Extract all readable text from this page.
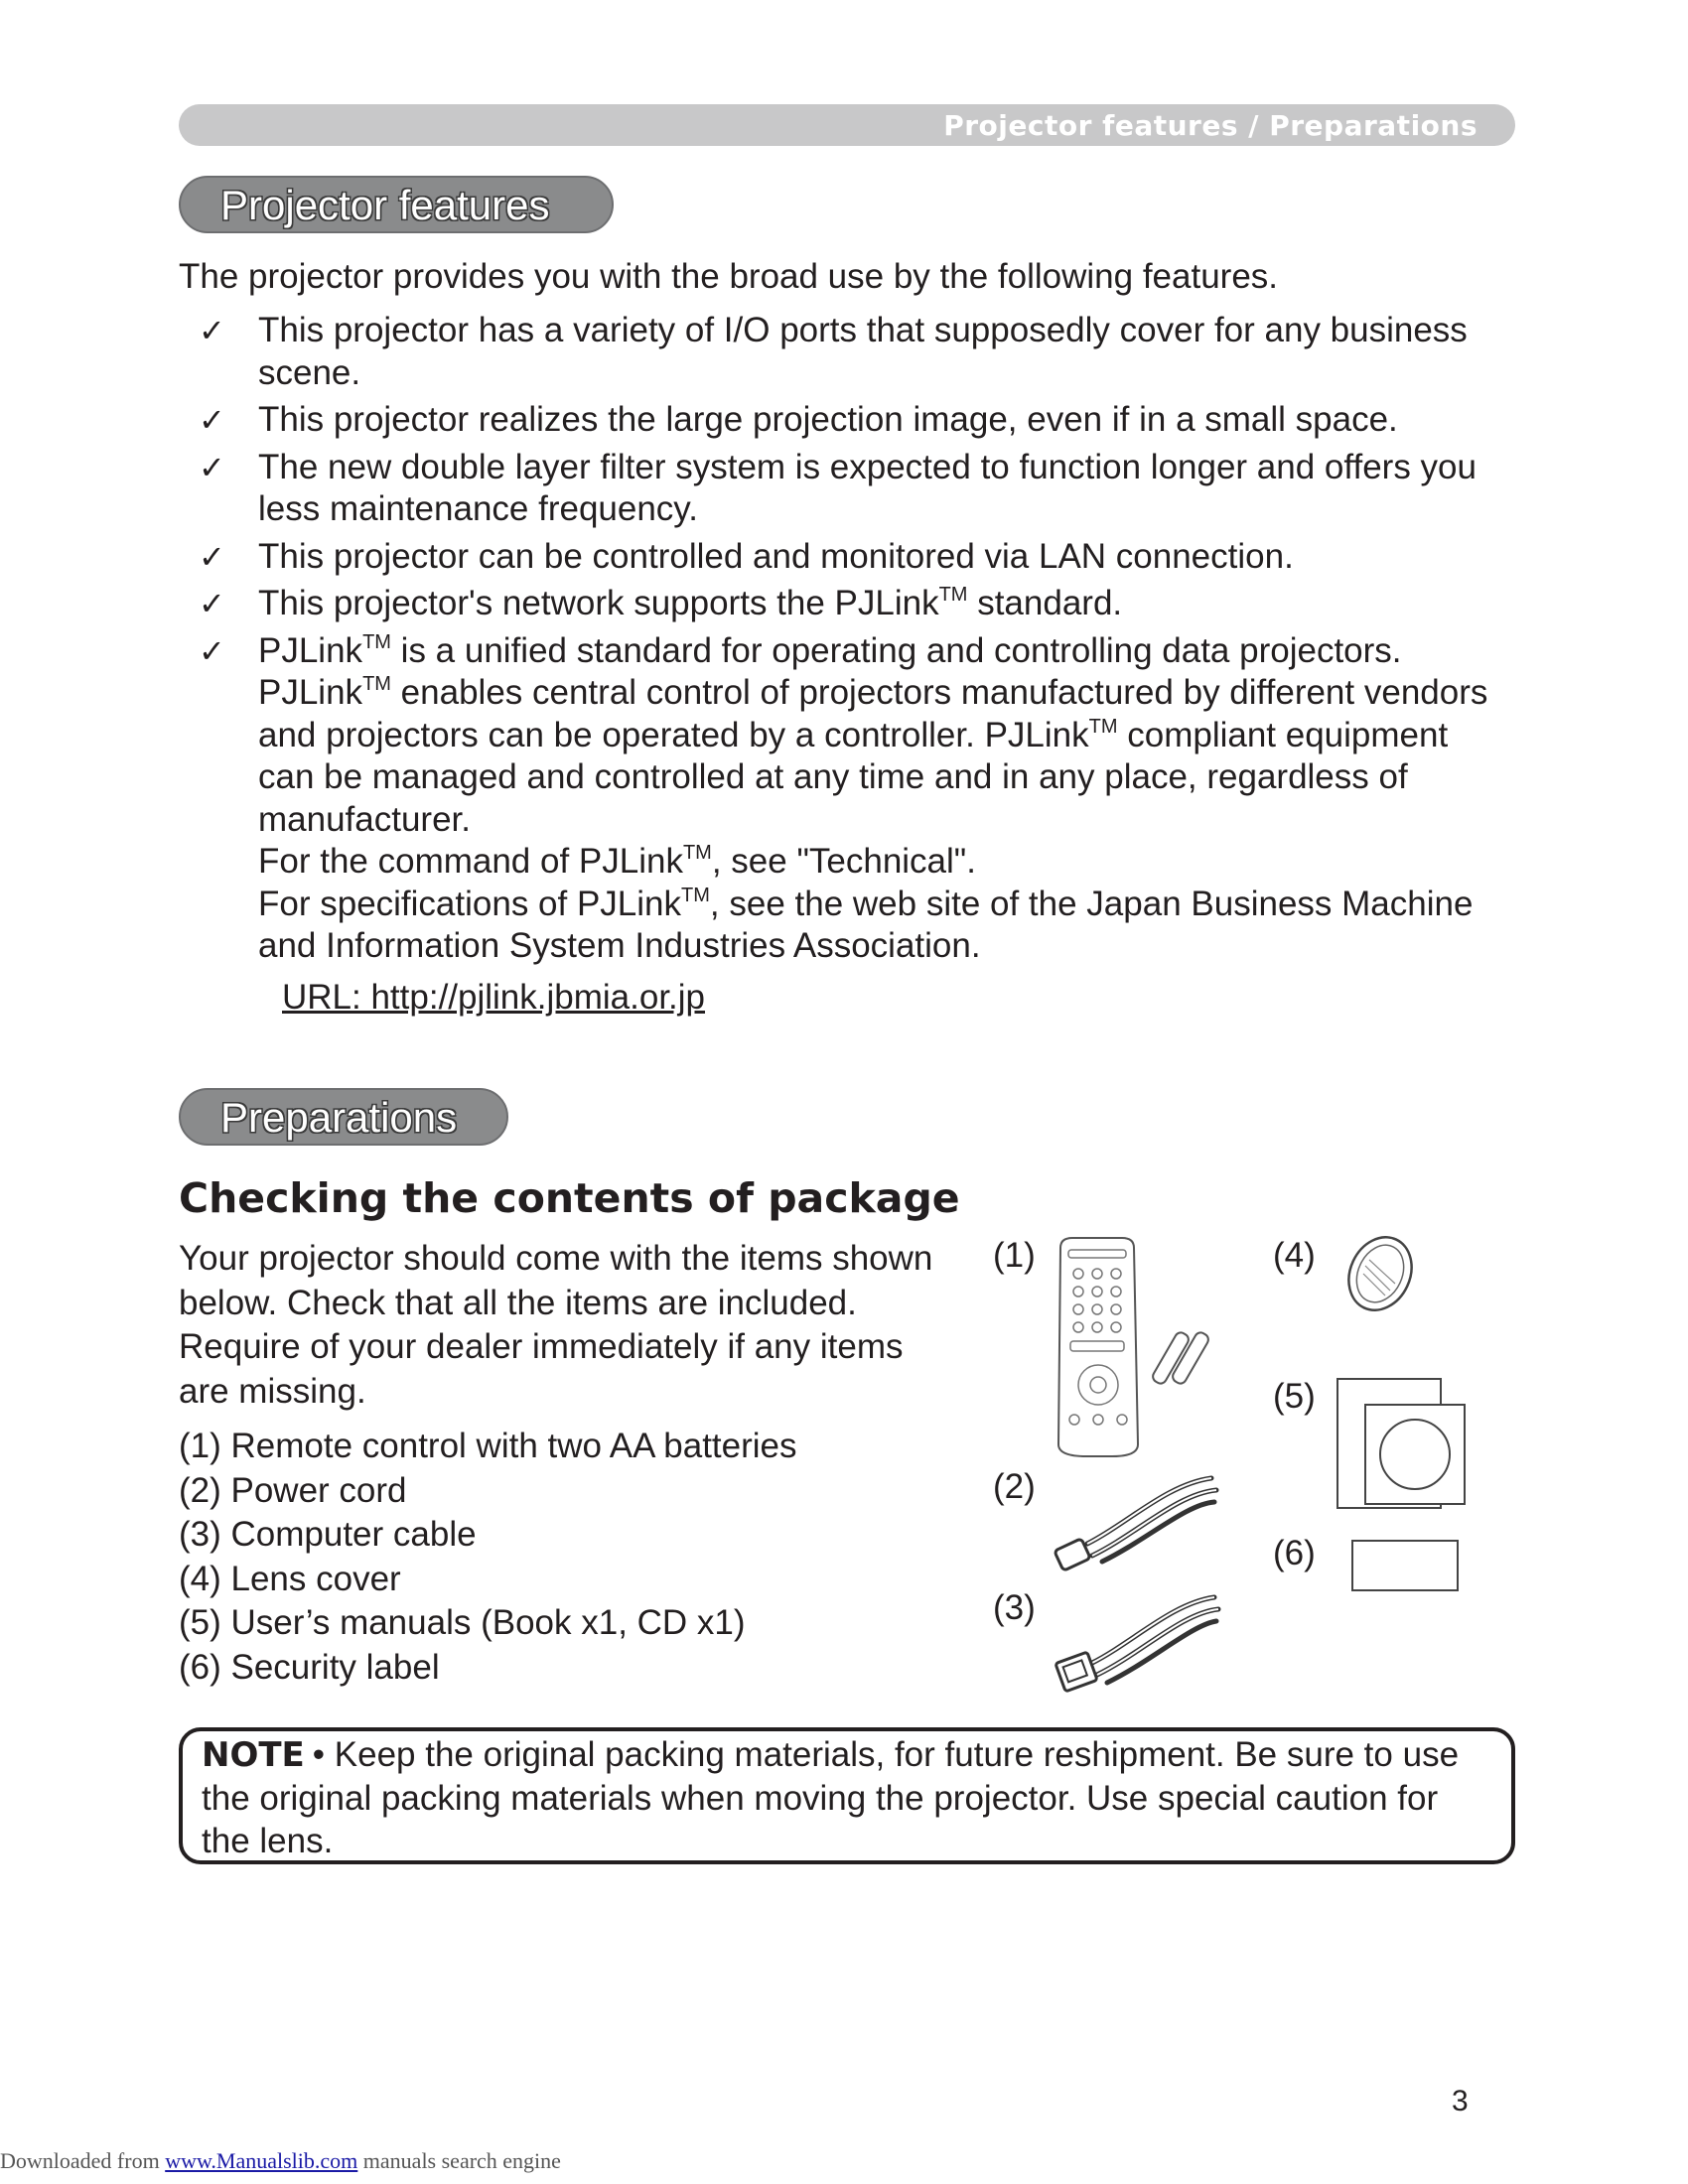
Projector features / Preparations
Projector features
The projector provides you with the broad use by the following features.
✓ This projector has a variety of I/O ports that supposedly cover for any business scene.

✓ This projector realizes the large projection image, even if in a small space.

✓ The new double layer filter system is expected to function longer and offers you less maintenance frequency.

✓ This projector can be controlled and monitored via LAN connection.

✓ This projector's network supports the PJLink™ standard.

✓ PJLink™ is a unified standard for operating and controlling data projectors.

PJLink™ enables central control of projectors manufactured by different vendors and projectors can be operated by a controller. PJLink™ compliant equipment can be managed and controlled at any time and in any place, regardless of manufacturer.

For the command of PJLink™, see "Technical".

For specifications of PJLink™, see the web site of the Japan Business Machine and Information System Industries Association.

URL: http://pjlink.jbmia.or.jp
Preparations
Checking the contents of package
Your projector should come with the items shown below. Check that all the items are included. Require of your dealer immediately if any items are missing.
(1) Remote control with two AA batteries
(2) Power cord
(3) Computer cable
(4) Lens cover
(5) User’s manuals (Book x1, CD x1)
(6) Security label
(1)
(2)
(3)
(4)
(5)
(6)
NOTE • Keep the original packing materials, for future reshipment. Be sure to use the original packing materials when moving the projector. Use special caution for the lens.
3
Downloaded from www.Manualslib.com manuals search engine
